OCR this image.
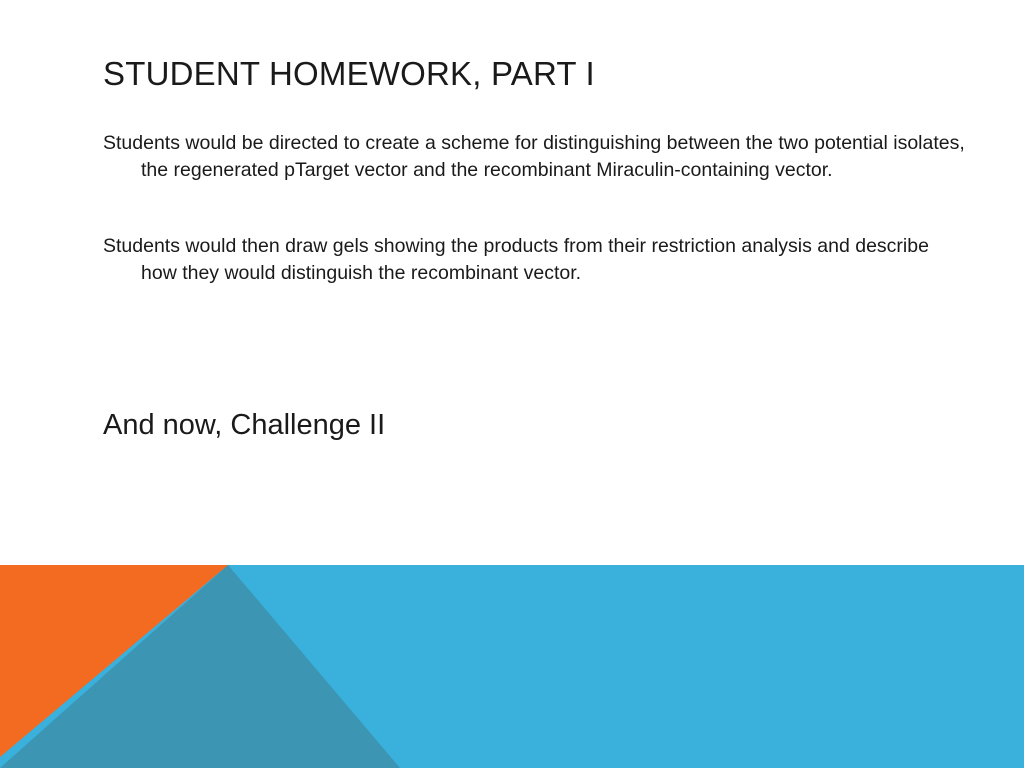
STUDENT HOMEWORK, PART I

Students would be directed to create a scheme for distinguishing between the two potential isolates, the regenerated pTarget vector and the recombinant Miraculin-containing vector.

Students would then draw gels showing the products from their restriction analysis and describe how they would distinguish the recombinant vector.

And now, Challenge II
